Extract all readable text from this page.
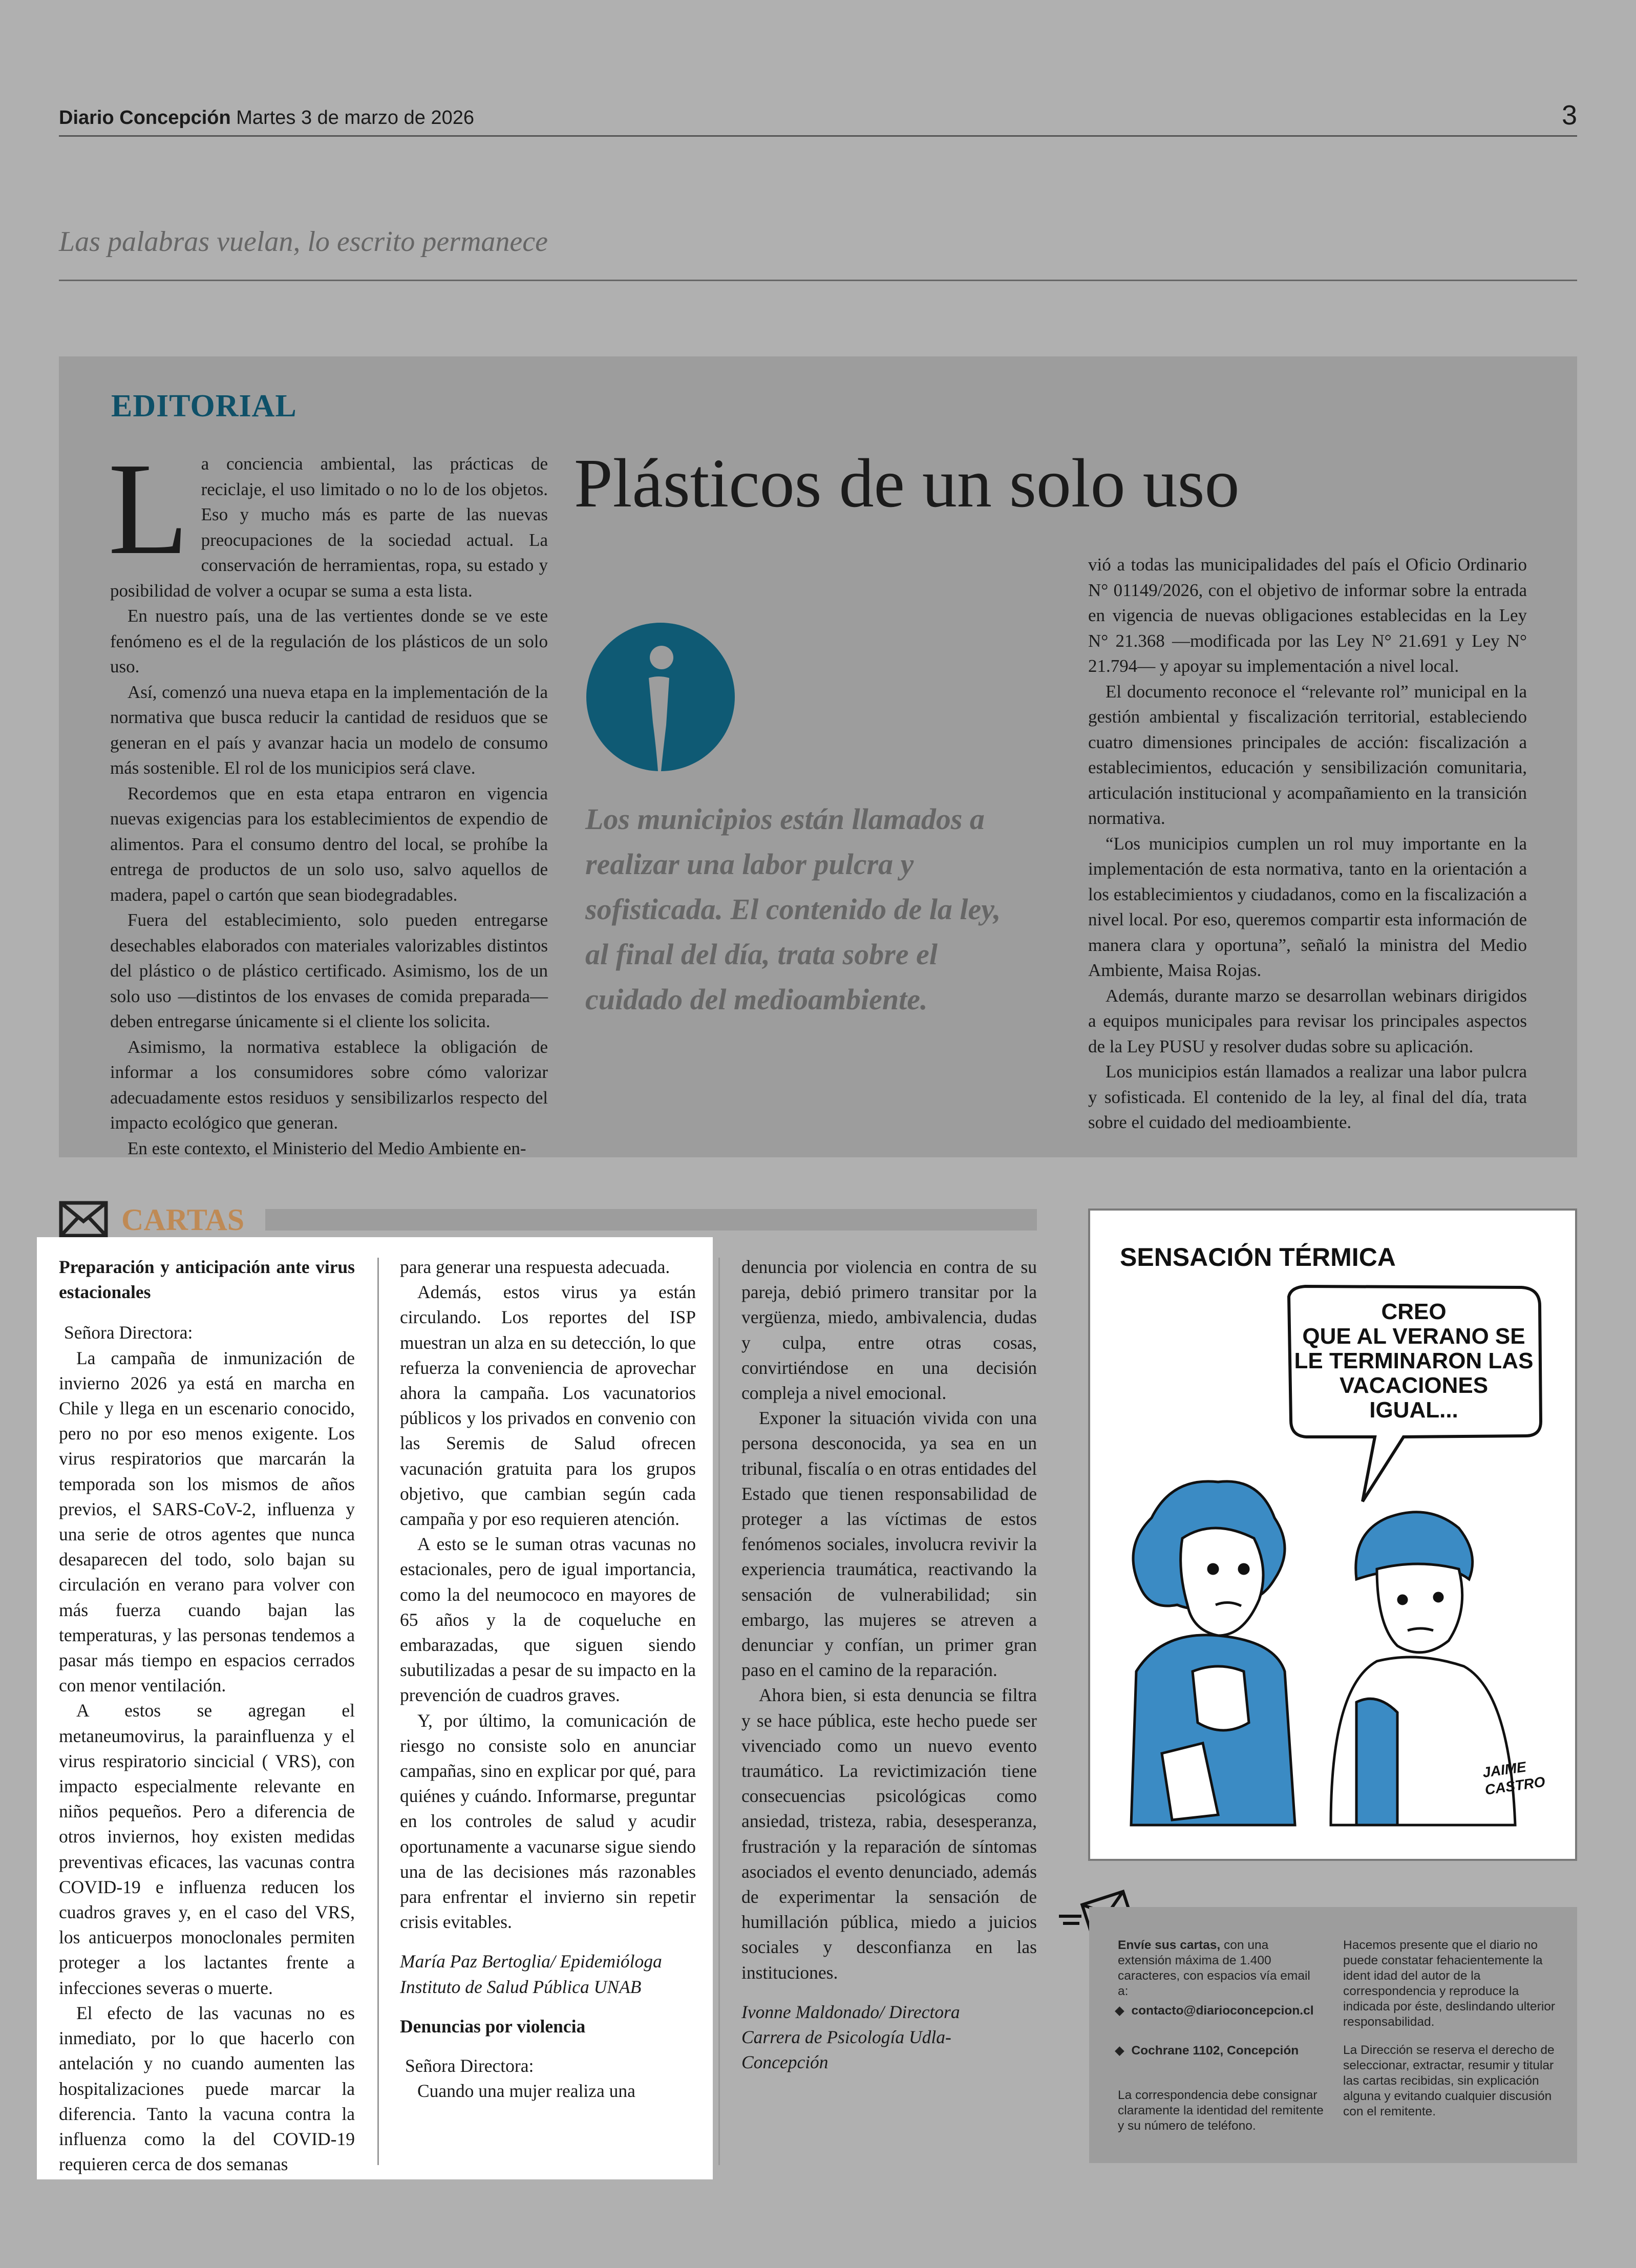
Diario Concepción Martes 3 de marzo de 2026	3
Las palabras vuelan, lo escrito permanece
EDITORIAL
Plásticos de un solo uso

La conciencia ambiental, las prácticas de reciclaje, el uso limitado o no lo de los objetos. Eso y mucho más es parte de las nuevas preocupaciones de la sociedad actual. La conservación de herramientas, ropa, su estado y posibilidad de volver a ocupar se suma a esta lista.

En nuestro país, una de las vertientes donde se ve este fenómeno es el de la regulación de los plásticos de un solo uso.

Así, comenzó una nueva etapa en la implementación de la normativa que busca reducir la cantidad de residuos que se generan en el país y avanzar hacia un modelo de consumo más sostenible. El rol de los municipios será clave.

Recordemos que en esta etapa entraron en vigencia nuevas exigencias para los establecimientos de expendio de alimentos. Para el consumo dentro del local, se prohíbe la entrega de productos de un solo uso, salvo aquellos de madera, papel o cartón que sean biodegradables.

Fuera del establecimiento, solo pueden entregarse desechables elaborados con materiales valorizables distintos del plástico o de plástico certificado. Asimismo, los de un solo uso —distintos de los envases de comida preparada— deben entregarse únicamente si el cliente los solicita.

Asimismo, la normativa establece la obligación de informar a los consumidores sobre cómo valorizar adecuadamente estos residuos y sensibilizarlos respecto del impacto ecológico que generan.

En este contexto, el Ministerio del Medio Ambiente en-

Los municipios están llamados a realizar una labor pulcra y sofisticada. El contenido de la ley, al final del día, trata sobre el cuidado del medioambiente.

vió a todas las municipalidades del país el Oficio Ordinario N° 01149/2026, con el objetivo de informar sobre la entrada en vigencia de nuevas obligaciones establecidas en la Ley N° 21.368 —modificada por las Ley N° 21.691 y Ley N° 21.794— y apoyar su implementación a nivel local.

El documento reconoce el “relevante rol” municipal en la gestión ambiental y fiscalización territorial, estableciendo cuatro dimensiones principales de acción: fiscalización a establecimientos, educación y sensibilización comunitaria, articulación institucional y acompañamiento en la transición normativa.

“Los municipios cumplen un rol muy importante en la implementación de esta normativa, tanto en la orientación a los establecimientos y ciudadanos, como en la fiscalización a nivel local. Por eso, queremos compartir esta información de manera clara y oportuna”, señaló la ministra del Medio Ambiente, Maisa Rojas.

Además, durante marzo se desarrollan webinars dirigidos a equipos municipales para revisar los principales aspectos de la Ley PUSU y resolver dudas sobre su aplicación.

Los municipios están llamados a realizar una labor pulcra y sofisticada. El contenido de la ley, al final del día, trata sobre el cuidado del medioambiente.

CARTAS

Preparación y anticipación ante virus estacionales

Señora Directora:

La campaña de inmunización de invierno 2026 ya está en marcha en Chile y llega en un escenario conocido, pero no por eso menos exigente. Los virus respiratorios que marcarán la temporada son los mismos de años previos, el SARS-CoV-2, influenza y una serie de otros agentes que nunca desaparecen del todo, solo bajan su circulación en verano para volver con más fuerza cuando bajan las temperaturas, y las personas tendemos a pasar más tiempo en espacios cerrados con menor ventilación.

A estos se agregan el metaneumovirus, la parainfluenza y el virus respiratorio sincicial ( VRS), con impacto especialmente relevante en niños pequeños. Pero a diferencia de otros inviernos, hoy existen medidas preventivas eficaces, las vacunas contra COVID-19 e influenza reducen los cuadros graves y, en el caso del VRS, los anticuerpos monoclonales permiten proteger a los lactantes frente a infecciones severas o muerte.

El efecto de las vacunas no es inmediato, por lo que hacerlo con antelación y no cuando aumenten las hospitalizaciones puede marcar la diferencia. Tanto la vacuna contra la influenza como la del COVID-19 requieren cerca de dos semanas

para generar una respuesta adecuada.

Además, estos virus ya están circulando. Los reportes del ISP muestran un alza en su detección, lo que refuerza la conveniencia de aprovechar ahora la campaña. Los vacunatorios públicos y los privados en convenio con las Seremis de Salud ofrecen vacunación gratuita para los grupos objetivo, que cambian según cada campaña y por eso requieren atención.

A esto se le suman otras vacunas no estacionales, pero de igual importancia, como la del neumococo en mayores de 65 años y la de coqueluche en embarazadas, que siguen siendo subutilizadas a pesar de su impacto en la prevención de cuadros graves.

Y, por último, la comunicación de riesgo no consiste solo en anunciar campañas, sino en explicar por qué, para quiénes y cuándo. Informarse, preguntar en los controles de salud y acudir oportunamente a vacunarse sigue siendo una de las decisiones más razonables para enfrentar el invierno sin repetir crisis evitables.

María Paz Bertoglia/ Epidemióloga

Instituto de Salud Pública UNAB

Denuncias por violencia

Señora Directora:

Cuando una mujer realiza una

denuncia por violencia en contra de su pareja, debió primero transitar por la vergüenza, miedo, ambivalencia, dudas y culpa, entre otras cosas, convirtiéndose en una decisión compleja a nivel emocional.

Exponer la situación vivida con una persona desconocida, ya sea en un tribunal, fiscalía o en otras entidades del Estado que tienen responsabilidad de proteger a las víctimas de estos fenómenos sociales, involucra revivir la experiencia traumática, reactivando la sensación de vulnerabilidad; sin embargo, las mujeres se atreven a denunciar y confían, un primer gran paso en el camino de la reparación.

Ahora bien, si esta denuncia se filtra y se hace pública, este hecho puede ser vivenciado como un nuevo evento traumático. La revictimización tiene consecuencias psicológicas como ansiedad, tristeza, rabia, desesperanza, frustración y la reparación de síntomas asociados el evento denunciado, además de experimentar la sensación de humillación pública, miedo a juicios sociales y desconfianza en las instituciones.

Ivonne Maldonado/ Directora

Carrera de Psicología Udla-

Concepción

SENSACIÓN TÉRMICA
CREO
QUE AL VERANO SE
LE TERMINARON LAS
VACACIONES
IGUAL...
JAIME
CASTRO
Envíe sus cartas, con una extensión máxima de 1.400 caracteres, con espacios vía email a:
◆  contacto@diarioconcepcion.cl
◆  Cochrane 1102, Concepción
La correspondencia debe consignar claramente la identidad del remitente y su número de teléfono.
Hacemos presente que el diario no puede constatar fehacientemente la ident idad del autor de la correspondencia y reproduce la indicada por éste, deslindando ulterior responsabilidad.
La Dirección se reserva el derecho de seleccionar, extractar, resumir y titular las cartas recibidas, sin explicación alguna y evitando cualquier discusión con el remitente.
